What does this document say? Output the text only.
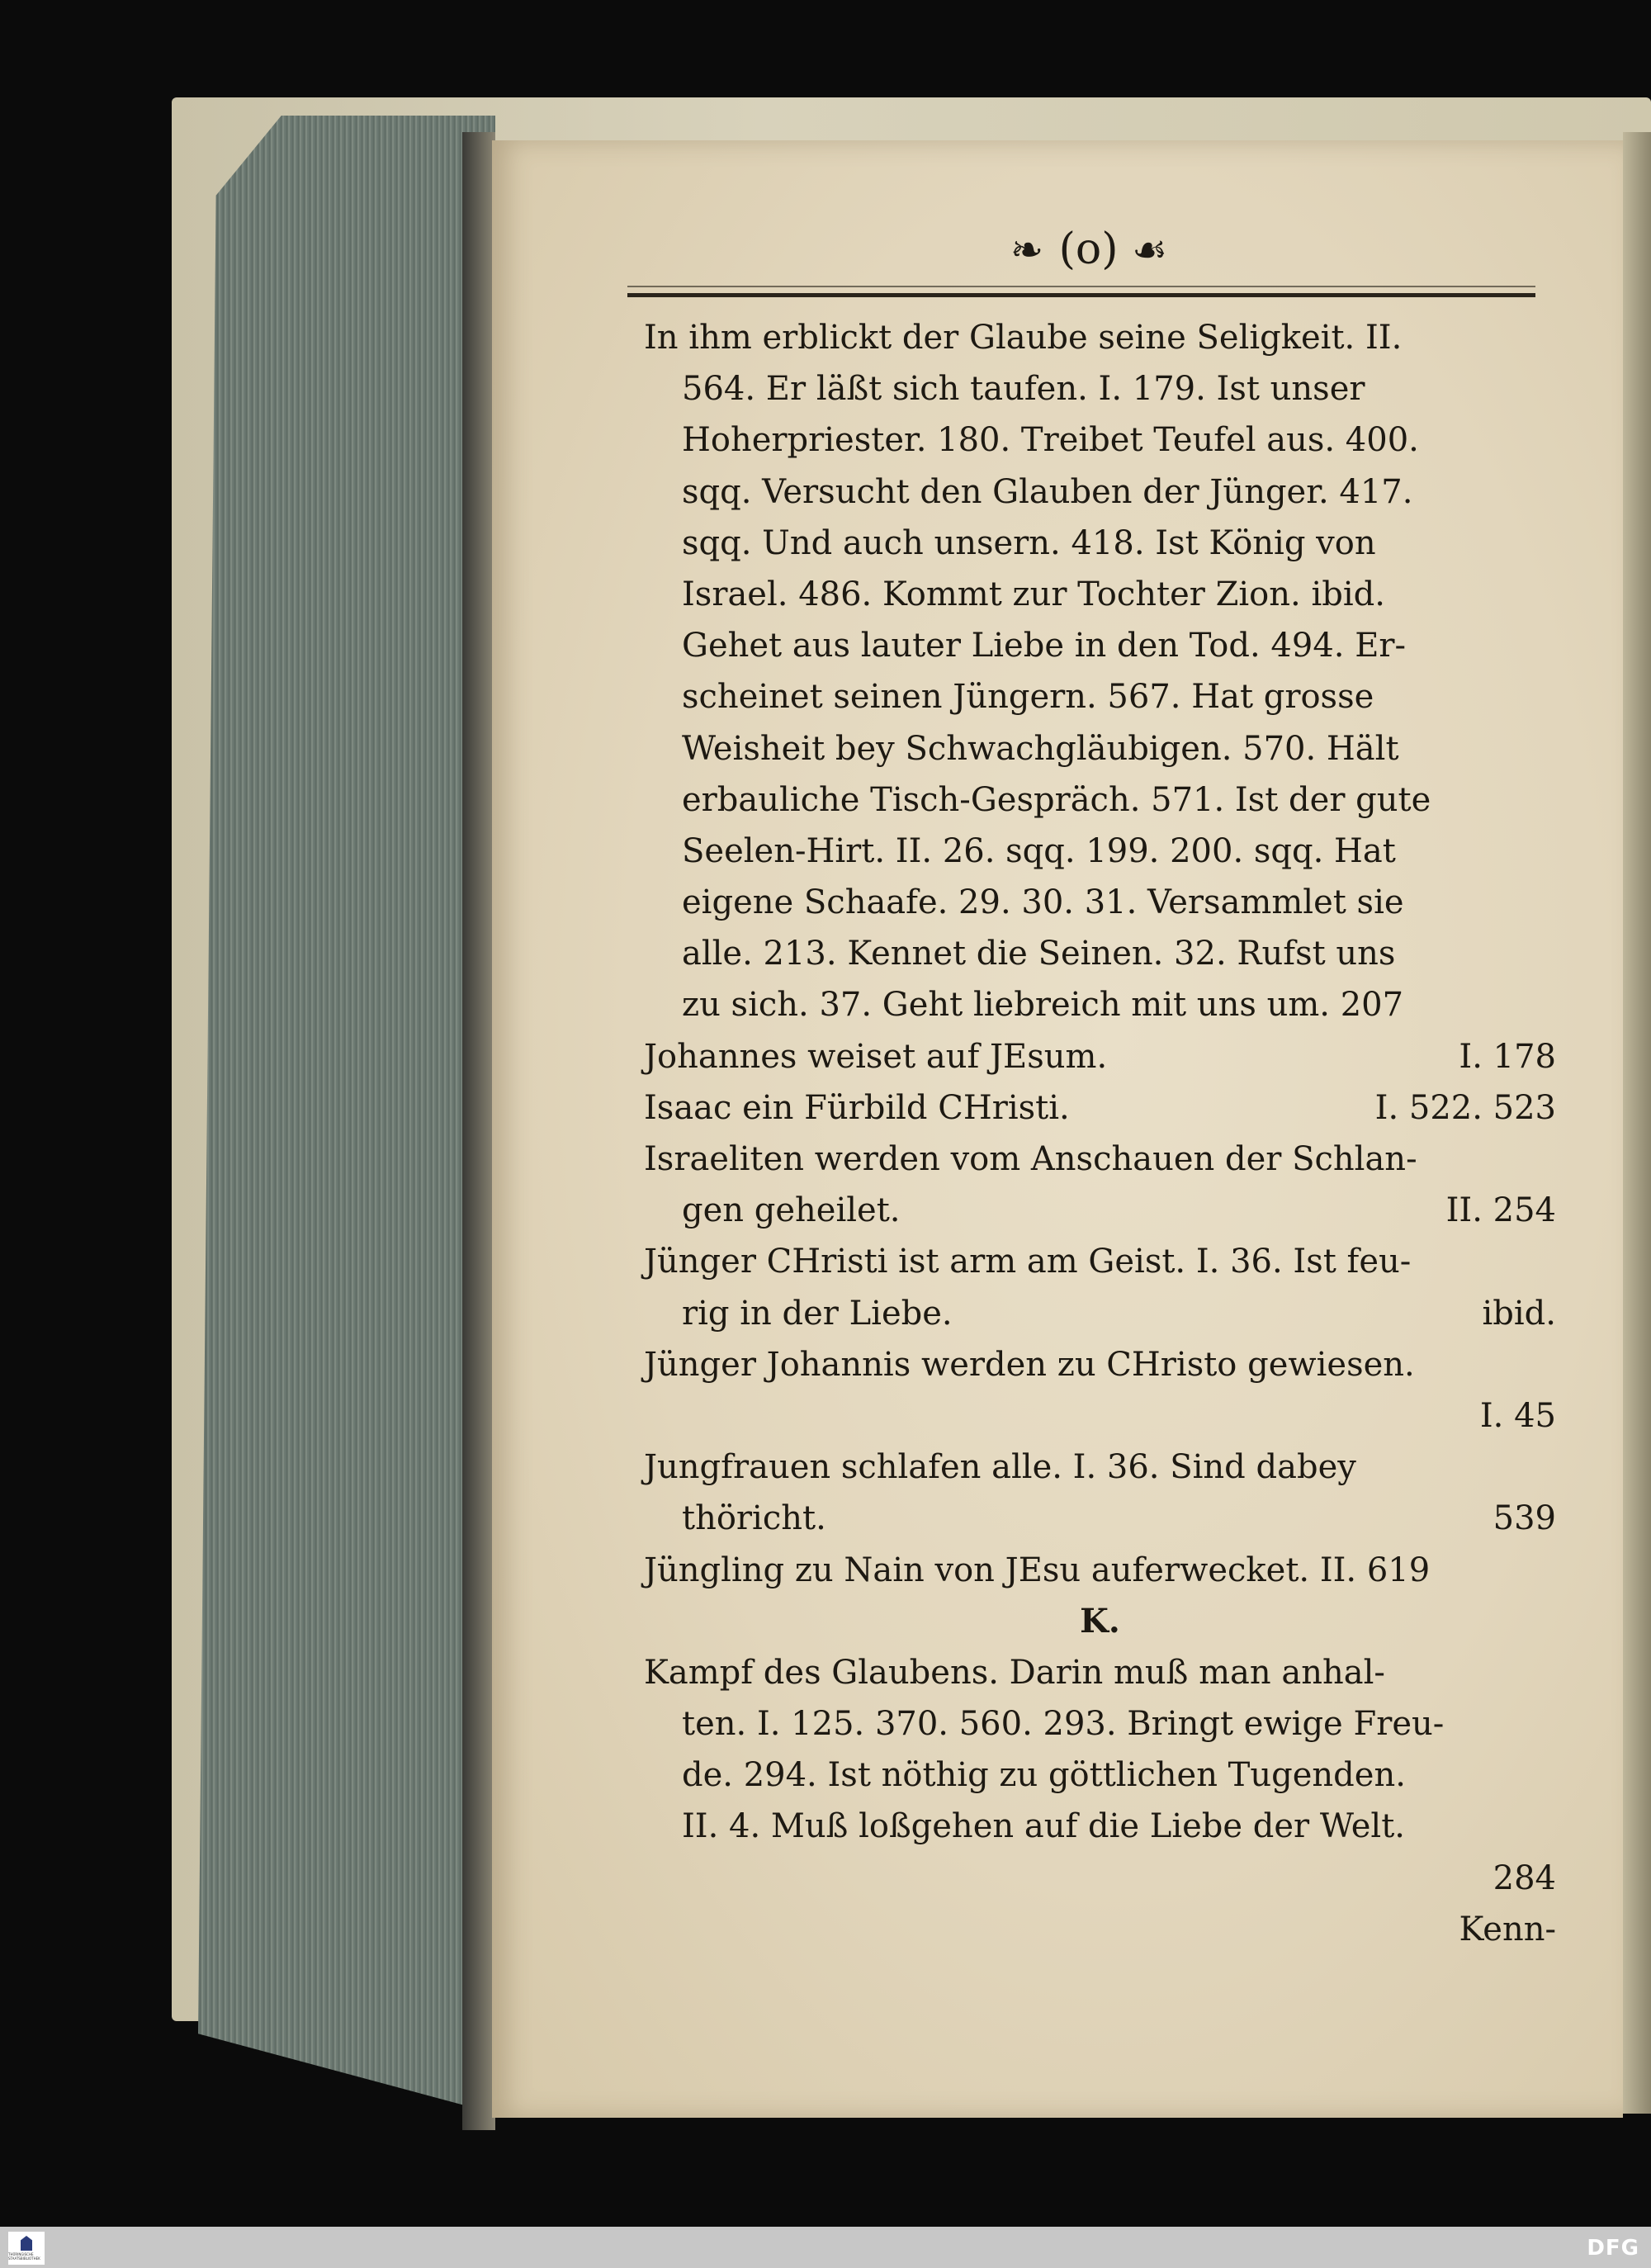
❧ (o) ☙
In ihm erblickt der Glaube seine Seligkeit. II.
564. Er läßt sich taufen. I. 179. Ist unser
Hoherpriester. 180. Treibet Teufel aus. 400.
sqq. Versucht den Glauben der Jünger. 417.
sqq. Und auch unsern. 418. Ist König von
Israel. 486. Kommt zur Tochter Zion. ibid.
Gehet aus lauter Liebe in den Tod. 494. Er-
scheinet seinen Jüngern. 567. Hat grosse
Weisheit bey Schwachgläubigen. 570. Hält
erbauliche Tisch-Gespräch. 571. Ist der gute
Seelen-Hirt. II. 26. sqq. 199. 200. sqq. Hat
eigene Schaafe. 29. 30. 31. Versammlet sie
alle. 213. Kennet die Seinen. 32. Rufst uns
zu sich. 37. Geht liebreich mit uns um. 207
Johannes weiset auf JEsum.	I. 178
Isaac ein Fürbild CHristi.	I. 522. 523
Israeliten werden vom Anschauen der Schlan-
gen geheilet.	II. 254
Jünger CHristi ist arm am Geist. I. 36. Ist feu-
rig in der Liebe.	ibid.
Jünger Johannis werden zu CHristo gewiesen.
I. 45
Jungfrauen schlafen alle. I. 36. Sind dabey
thöricht.	539
Jüngling zu Nain von JEsu auferwecket. II. 619
K.
Kampf des Glaubens. Darin muß man anhal-
ten. I. 125. 370. 560. 293. Bringt ewige Freu-
de. 294. Ist nöthig zu göttlichen Tugenden.
II. 4. Muß loßgehen auf die Liebe der Welt.
284
Kenn-
THÜRINGISCHE STAATSBIBLIOTHEK	DFG
